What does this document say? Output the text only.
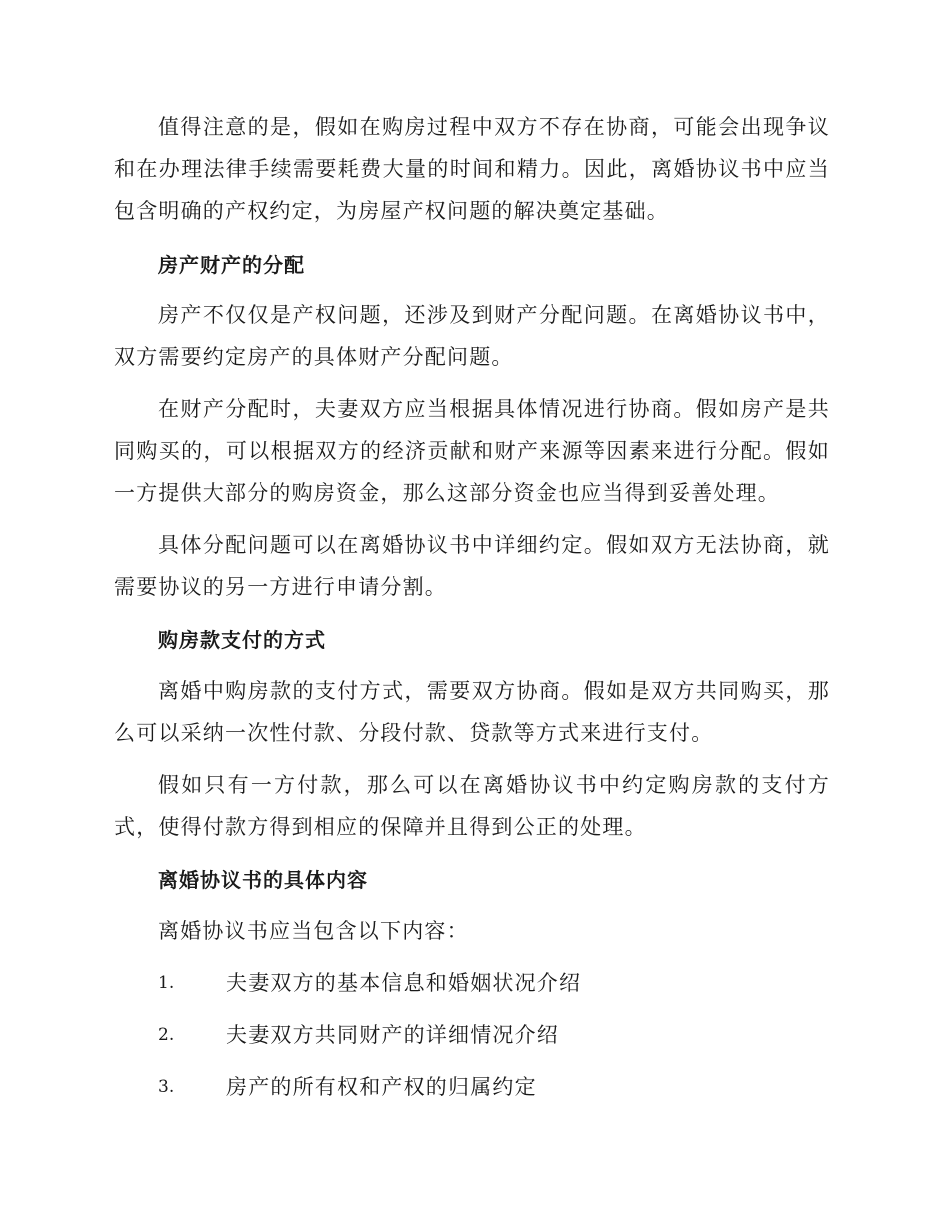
值得注意的是，假如在购房过程中双方不存在协商，可能会出现争议和在办理法律手续需要耗费大量的时间和精力。因此，离婚协议书中应当包含明确的产权约定，为房屋产权问题的解决奠定基础。

房产财产的分配

房产不仅仅是产权问题，还涉及到财产分配问题。在离婚协议书中，双方需要约定房产的具体财产分配问题。

在财产分配时，夫妻双方应当根据具体情况进行协商。假如房产是共同购买的，可以根据双方的经济贡献和财产来源等因素来进行分配。假如一方提供大部分的购房资金，那么这部分资金也应当得到妥善处理。

具体分配问题可以在离婚协议书中详细约定。假如双方无法协商，就需要协议的另一方进行申请分割。

购房款支付的方式

离婚中购房款的支付方式，需要双方协商。假如是双方共同购买，那么可以采纳一次性付款、分段付款、贷款等方式来进行支付。

假如只有一方付款，那么可以在离婚协议书中约定购房款的支付方式，使得付款方得到相应的保障并且得到公正的处理。

离婚协议书的具体内容

离婚协议书应当包含以下内容：

1. 夫妻双方的基本信息和婚姻状况介绍
2. 夫妻双方共同财产的详细情况介绍
3. 房产的所有权和产权的归属约定
